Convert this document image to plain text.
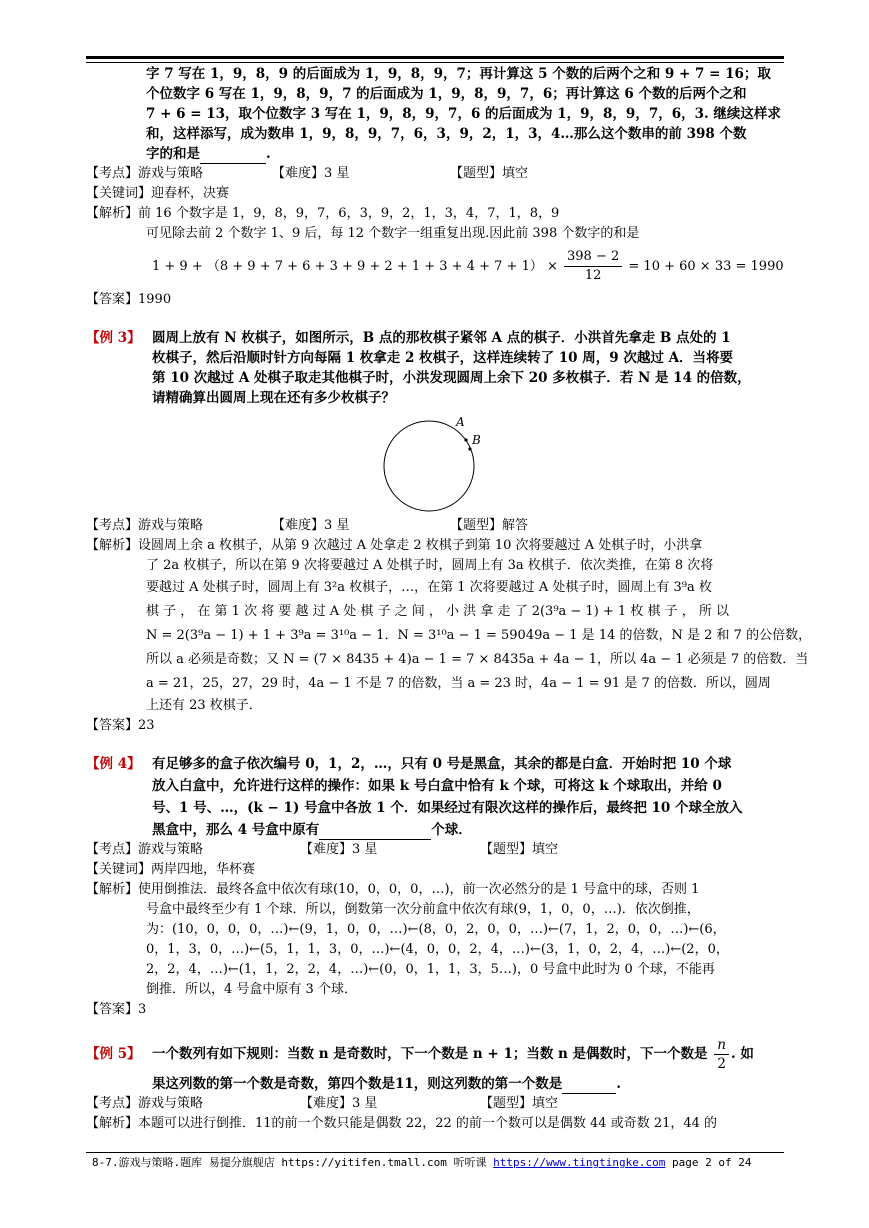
字 7 写在 1，9，8，9 的后面成为 1，9，8，9，7；再计算这 5 个数的后两个之和 9 + 7 = 16；取
个位数字 6 写在 1，9，8，9，7 的后面成为 1，9，8，9，7，6；再计算这 6 个数的后两个之和
7 + 6 = 13，取个位数字 3 写在 1，9，8，9，7，6 的后面成为 1，9，8，9，7，6，3. 继续这样求
和，这样添写，成为数串 1，9，8，9，7，6，3，9，2，1，3，4…那么这个数串的前 398 个数
字的和是	.
【考点】游戏与策略	【难度】3 星	【题型】填空
【关键词】迎春杯，决赛
【解析】前 16 个数字是 1，9，8，9，7，6，3，9，2，1，3，4，7，1，8，9
可见除去前 2 个数字 1、9 后，每 12 个数字一组重复出现.因此前 398 个数字的和是
$1 + 9 + (8 + 9 + 7 + 6 + 3 + 9 + 2 + 1 + 3 + 4 + 7 + 1) \times \frac{398 - 2}{12} = 10 + 60 \times 33 = 1990$
【答案】1990
【例 3】 圆周上放有 N 枚棋子，如图所示，B 点的那枚棋子紧邻 A 点的棋子．小洪首先拿走 B 点处的 1
枚棋子，然后沿顺时针方向每隔 1 枚拿走 2 枚棋子，这样连续转了 10 周，9 次越过 A．当将要
第 10 次越过 A 处棋子取走其他棋子时，小洪发现圆周上余下 20 多枚棋子．若 N 是 14 的倍数，
请精确算出圆周上现在还有多少枚棋子？
A
B
【考点】游戏与策略	【难度】3 星	【题型】解答
【解析】设圆周上余 a 枚棋子，从第 9 次越过 A 处拿走 2 枚棋子到第 10 次将要越过 A 处棋子时，小洪拿
了 2a 枚棋子，所以在第 9 次将要越过 A 处棋子时，圆周上有 3a 枚棋子．依次类推，在第 8 次将
要越过 A 处棋子时，圆周上有 3²a 枚棋子，…，在第 1 次将要越过 A 处棋子时，圆周上有 3⁹a 枚
棋 子 ， 在 第 1 次 将 要 越 过 A 处 棋 子 之 间 ， 小 洪 拿 走 了 2(3⁹a − 1) + 1 枚 棋 子 ， 所 以
N = 2(3⁹a − 1) + 1 + 3⁹a = 3¹⁰a − 1．N = 3¹⁰a − 1 = 59049a − 1 是 14 的倍数，N 是 2 和 7 的公倍数，
所以 a 必须是奇数；又 N = (7 × 8435 + 4)a − 1 = 7 × 8435a + 4a − 1，所以 4a − 1 必须是 7 的倍数．当
a = 21，25，27，29 时，4a − 1 不是 7 的倍数，当 a = 23 时，4a − 1 = 91 是 7 的倍数．所以，圆周
上还有 23 枚棋子．
【答案】23
【例 4】 有足够多的盒子依次编号 0，1，2，…，只有 0 号是黑盒，其余的都是白盒．开始时把 10 个球
放入白盒中，允许进行这样的操作：如果 k 号白盒中恰有 k 个球，可将这 k 个球取出，并给 0
号、1 号、…，(k − 1) 号盒中各放 1 个．如果经过有限次这样的操作后，最终把 10 个球全放入
黑盒中，那么 4 号盒中原有	个球．
【考点】游戏与策略	【难度】3 星	【题型】填空
【关键词】两岸四地，华杯赛
【解析】使用倒推法．最终各盒中依次有球(10，0，0，0，…)，前一次必然分的是 1 号盒中的球，否则 1
号盒中最终至少有 1 个球．所以，倒数第一次分前盒中依次有球(9，1，0，0，…)．依次倒推，
为：(10，0，0，0，…)←(9，1，0，0，…)←(8，0，2，0，0，…)←(7，1，2，0，0，…)←(6，
0，1，3，0，…)←(5，1，1，3，0，…)←(4，0，0，2，4，…)←(3，1，0，2，4，…)←(2，0，
2，2，4，…)←(1，1，2，2，4，…)←(0，0，1，1，3，5…)，0 号盒中此时为 0 个球，不能再
倒推．所以，4 号盒中原有 3 个球．
【答案】3
【例 5】 一个数列有如下规则：当数 n 是奇数时，下一个数是 n + 1；当数 n 是偶数时，下一个数是 $\frac{n}{2}$ . 如
果这列数的第一个数是奇数，第四个数是11，则这列数的第一个数是	.
【考点】游戏与策略	【难度】3 星	【题型】填空
【解析】本题可以进行倒推．11的前一个数只能是偶数 22，22 的前一个数可以是偶数 44 或奇数 21，44 的
8-7.游戏与策略.题库 易提分旗舰店 https://yitifen.tmall.com 听听课 https://www.tingtingke.com page 2 of 24
